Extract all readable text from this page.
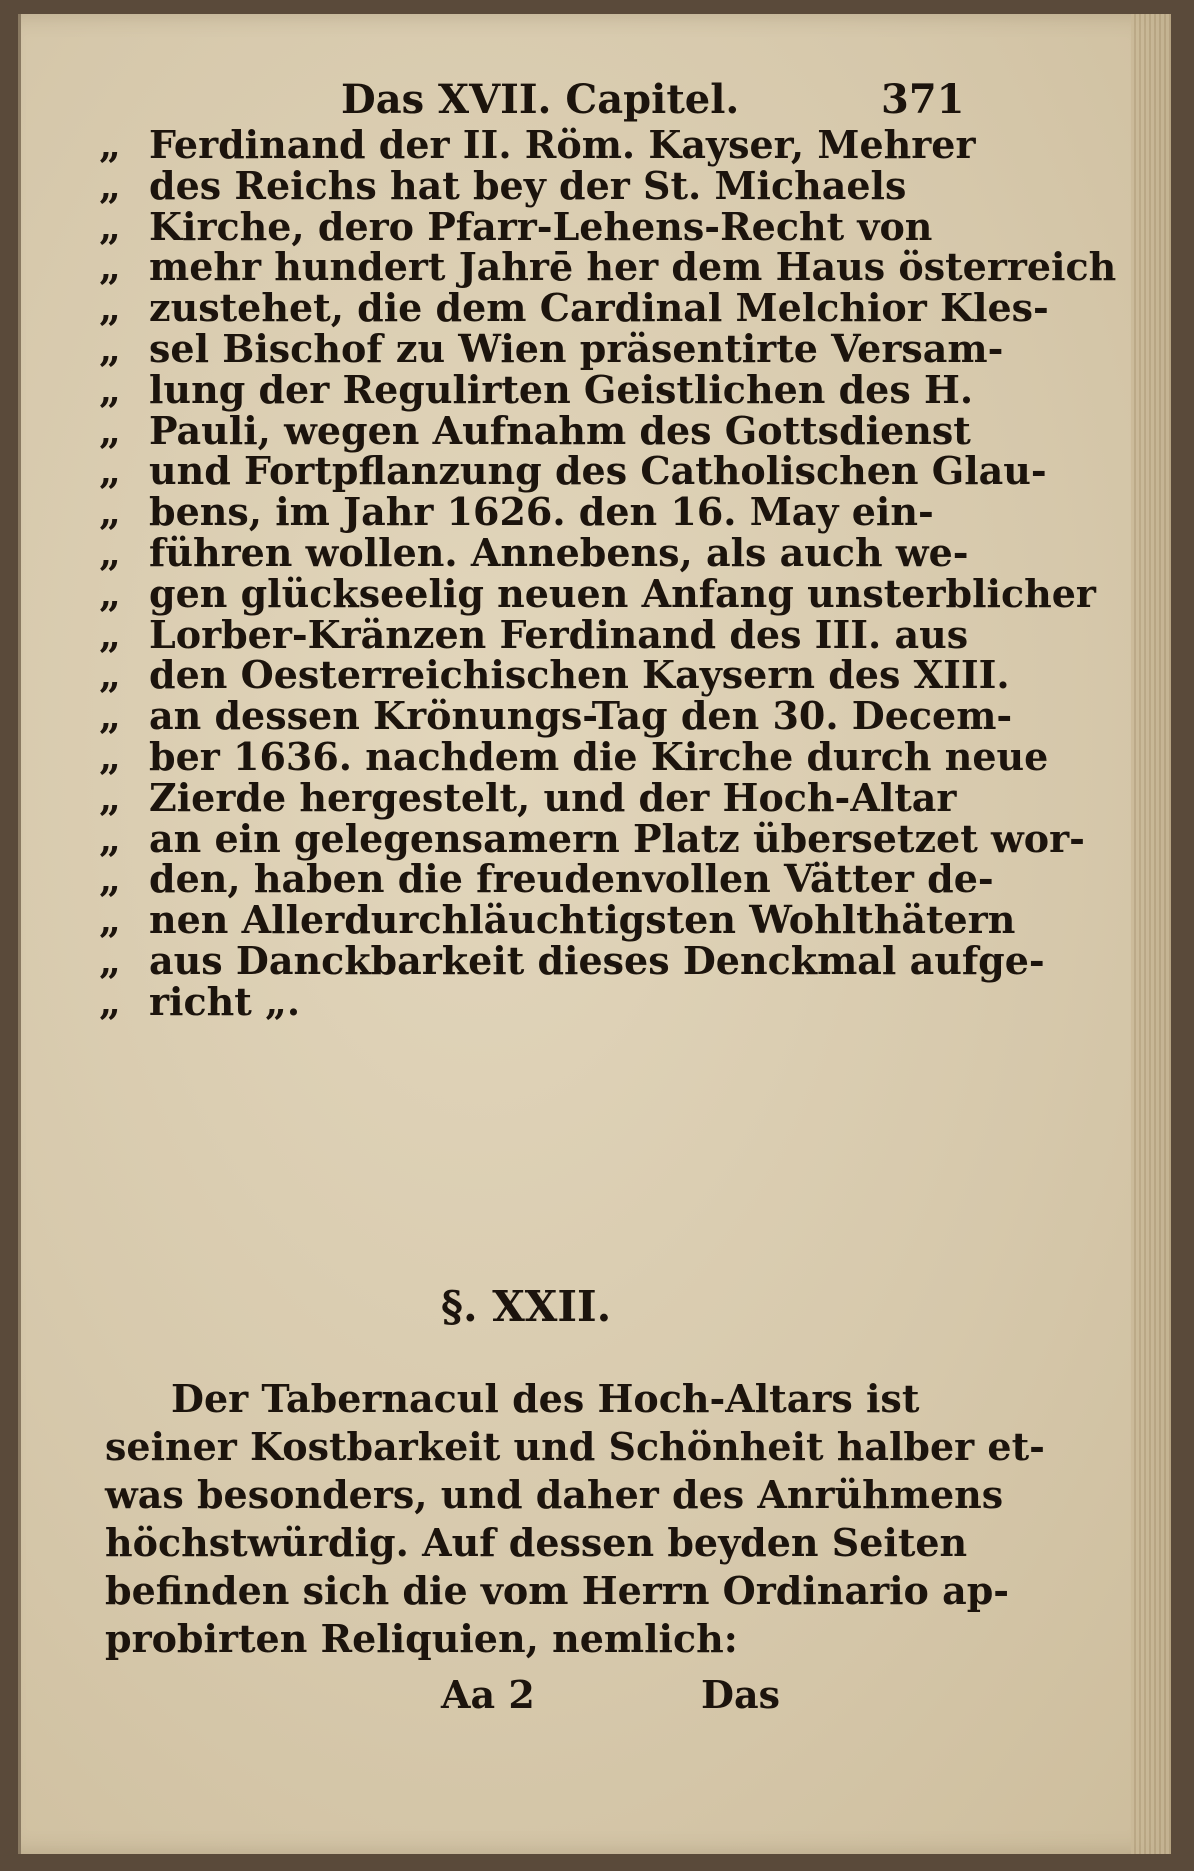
Das XVII. Capitel.	371
„ Ferdinand der II. Röm. Kayser, Mehrer
„ des Reichs hat bey der St. Michaels
„ Kirche, dero Pfarr-Lehens-Recht von
„ mehr hundert Jahrē her dem Haus österreich
„ zustehet, die dem Cardinal Melchior Kles-
„ sel Bischof zu Wien präsentirte Versam-
„ lung der Regulirten Geistlichen des H.
„ Pauli, wegen Aufnahm des Gottsdienst
„ und Fortpflanzung des Catholischen Glau-
„ bens, im Jahr 1626. den 16. May ein-
„ führen wollen. Annebens, als auch we-
„ gen glückseelig neuen Anfang unsterblicher
„ Lorber-Kränzen Ferdinand des III. aus
„ den Oesterreichischen Kaysern des XIII.
„ an dessen Krönungs-Tag den 30. Decem-
„ ber 1636. nachdem die Kirche durch neue
„ Zierde hergestelt, und der Hoch-Altar
„ an ein gelegensamern Platz übersetzet wor-
„ den, haben die freudenvollen Vätter de-
„ nen Allerdurchläuchtigsten Wohlthätern
„ aus Danckbarkeit dieses Denckmal aufge-
„ richt „.
§. XXII.
Der Tabernacul des Hoch-Altars ist
seiner Kostbarkeit und Schönheit halber et-
was besonders, und daher des Anrühmens
höchstwürdig. Auf dessen beyden Seiten
befinden sich die vom Herrn Ordinario ap-
probirten Reliquien, nemlich:
Aa 2	Das
